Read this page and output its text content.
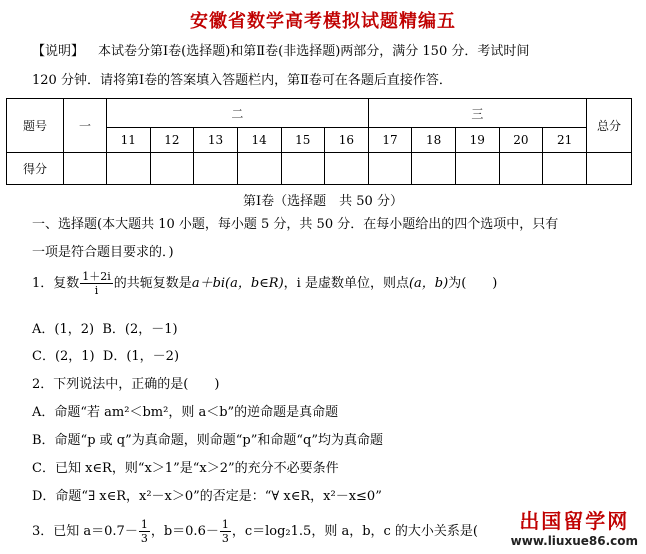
安徽省数学高考模拟试题精编五
【说明】 本试卷分第Ⅰ卷(选择题)和第Ⅱ卷(非选择题)两部分，满分 150 分．考试时间
120 分钟．请将第Ⅰ卷的答案填入答题栏内，第Ⅱ卷可在各题后直接作答．
题号	一	二						三					总分
		11	12	13	14	15	16	17	18	19	20	21	
得分													
第Ⅰ卷（选择题　共 50 分）
一、选择题(本大题共 10 小题，每小题 5 分，共 50 分．在每小题给出的四个选项中，只有
一项是符合题目要求的．)
1．复数 $\frac{1+2i}{i}$ 的共轭复数是a＋bi(a，b∈R)，i 是虚数单位，则点(a，b)为(　　)
A．(1，2) B．(2，－1)
C．(2，1) D．(1，－2)
2．下列说法中，正确的是(　　)
A．命题“若 am²＜bm²，则 a＜b”的逆命题是真命题
B．命题“p 或 q”为真命题，则命题“p”和命题“q”均为真命题
C．已知 x∈R，则“x＞1”是“x＞2”的充分不必要条件
D．命题“∃ x∈R，x²－x＞0”的否定是：“∀ x∈R，x²－x≤0”
3．已知 $a=0.7- \frac{1}{3}$ ，$b=0.6- \frac{1}{3}$ ，c＝log₂1.5，则 a，b，c 的大小关系是(	出国留学网
www.liuxue86.com
